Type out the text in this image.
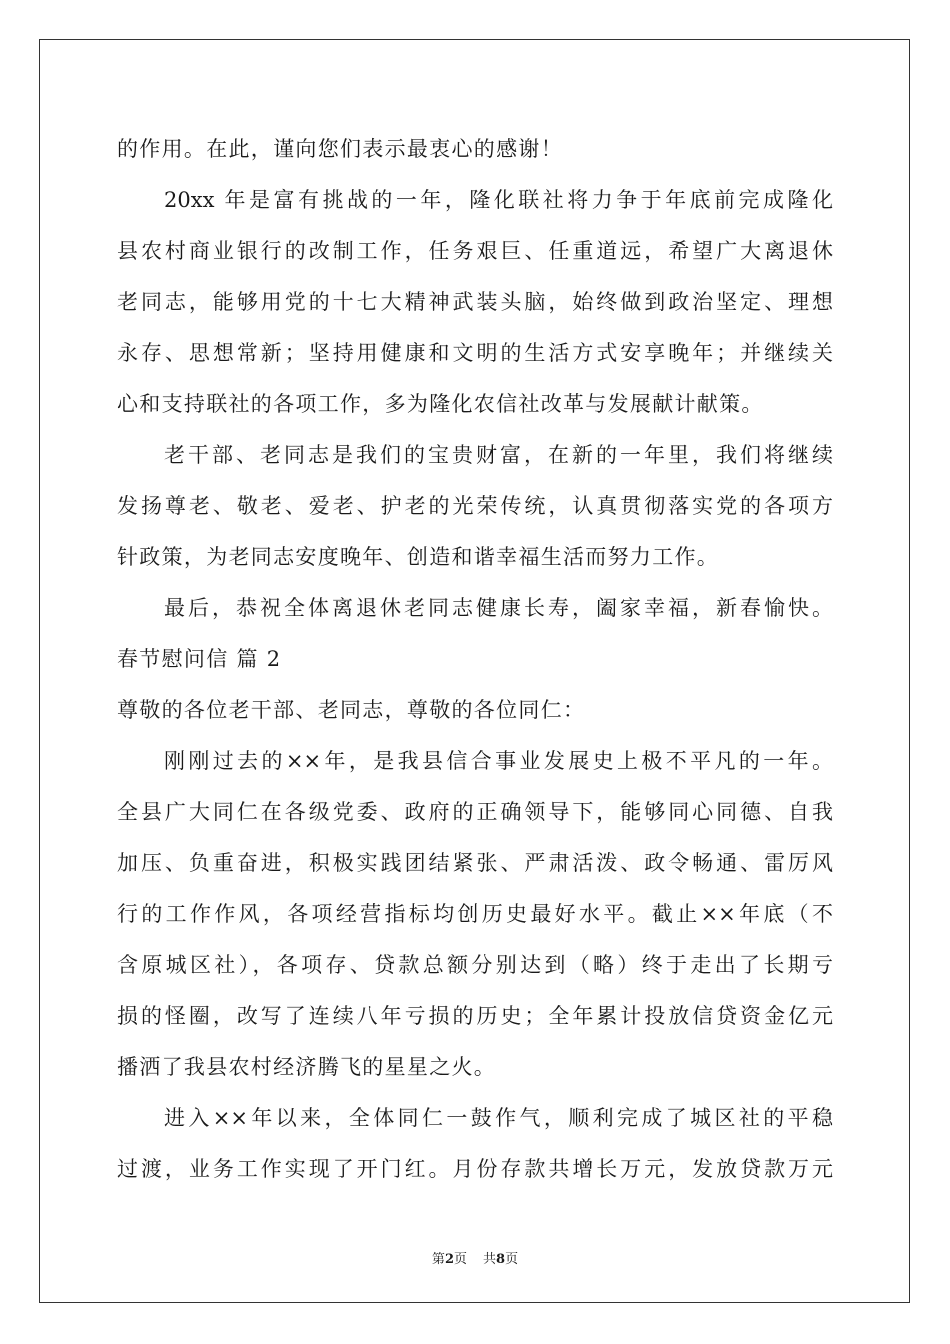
的作用。在此，谨向您们表示最衷心的感谢！
20xx 年是富有挑战的一年，隆化联社将力争于年底前完成隆化
县农村商业银行的改制工作，任务艰巨、任重道远，希望广大离退休
老同志，能够用党的十七大精神武装头脑，始终做到政治坚定、理想
永存、思想常新；坚持用健康和文明的生活方式安享晚年；并继续关
心和支持联社的各项工作，多为隆化农信社改革与发展献计献策。
老干部、老同志是我们的宝贵财富，在新的一年里，我们将继续
发扬尊老、敬老、爱老、护老的光荣传统，认真贯彻落实党的各项方
针政策，为老同志安度晚年、创造和谐幸福生活而努力工作。
最后，恭祝全体离退休老同志健康长寿，阖家幸福，新春愉快。
春节慰问信 篇 2
尊敬的各位老干部、老同志，尊敬的各位同仁：
刚刚过去的××年，是我县信合事业发展史上极不平凡的一年。
全县广大同仁在各级党委、政府的正确领导下，能够同心同德、自我
加压、负重奋进，积极实践团结紧张、严肃活泼、政令畅通、雷厉风
行的工作作风，各项经营指标均创历史最好水平。截止××年底（不
含原城区社），各项存、贷款总额分别达到（略）终于走出了长期亏
损的怪圈，改写了连续八年亏损的历史；全年累计投放信贷资金亿元
播洒了我县农村经济腾飞的星星之火。
进入××年以来，全体同仁一鼓作气，顺利完成了城区社的平稳
过渡，业务工作实现了开门红。月份存款共增长万元，发放贷款万元
第2页 共8页
